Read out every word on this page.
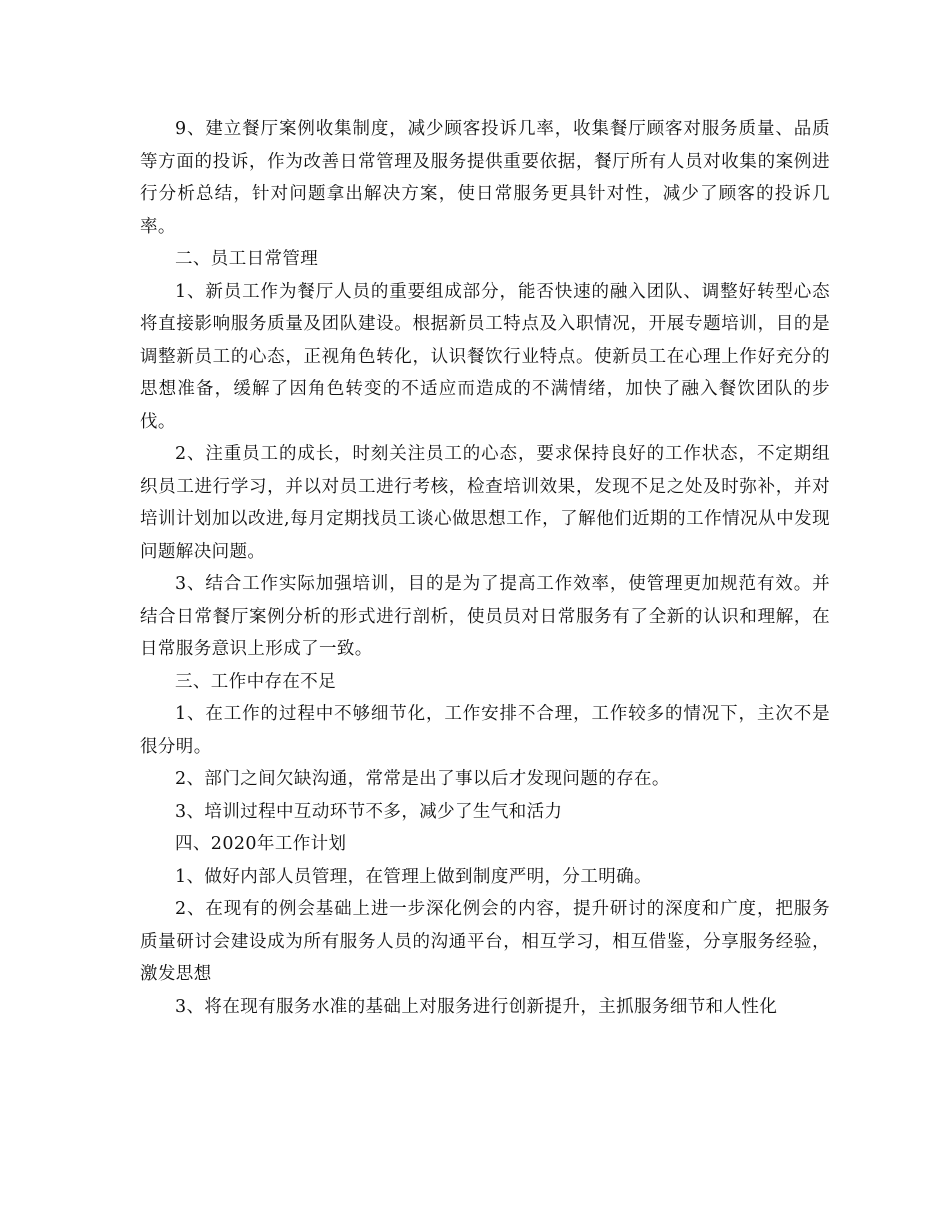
9、建立餐厅案例收集制度，减少顾客投诉几率，收集餐厅顾客对服务质量、品质等方面的投诉，作为改善日常管理及服务提供重要依据，餐厅所有人员对收集的案例进行分析总结，针对问题拿出解决方案，使日常服务更具针对性，减少了顾客的投诉几率。

二、员工日常管理

1、新员工作为餐厅人员的重要组成部分，能否快速的融入团队、调整好转型心态将直接影响服务质量及团队建设。根据新员工特点及入职情况，开展专题培训，目的是调整新员工的心态，正视角色转化，认识餐饮行业特点。使新员工在心理上作好充分的思想准备，缓解了因角色转变的不适应而造成的不满情绪，加快了融入餐饮团队的步伐。

2、注重员工的成长，时刻关注员工的心态，要求保持良好的工作状态，不定期组织员工进行学习，并以对员工进行考核，检查培训效果，发现不足之处及时弥补，并对培训计划加以改进,每月定期找员工谈心做思想工作，了解他们近期的工作情况从中发现问题解决问题。

3、结合工作实际加强培训，目的是为了提高工作效率，使管理更加规范有效。并结合日常餐厅案例分析的形式进行剖析，使员员对日常服务有了全新的认识和理解，在日常服务意识上形成了一致。

三、工作中存在不足

1、在工作的过程中不够细节化，工作安排不合理，工作较多的情况下，主次不是很分明。

2、部门之间欠缺沟通，常常是出了事以后才发现问题的存在。

3、培训过程中互动环节不多，减少了生气和活力

四、2020年工作计划

1、做好内部人员管理，在管理上做到制度严明，分工明确。

2、在现有的例会基础上进一步深化例会的内容，提升研讨的深度和广度，把服务质量研讨会建设成为所有服务人员的沟通平台，相互学习，相互借鉴，分享服务经验，激发思想

3、将在现有服务水准的基础上对服务进行创新提升，主抓服务细节和人性化
